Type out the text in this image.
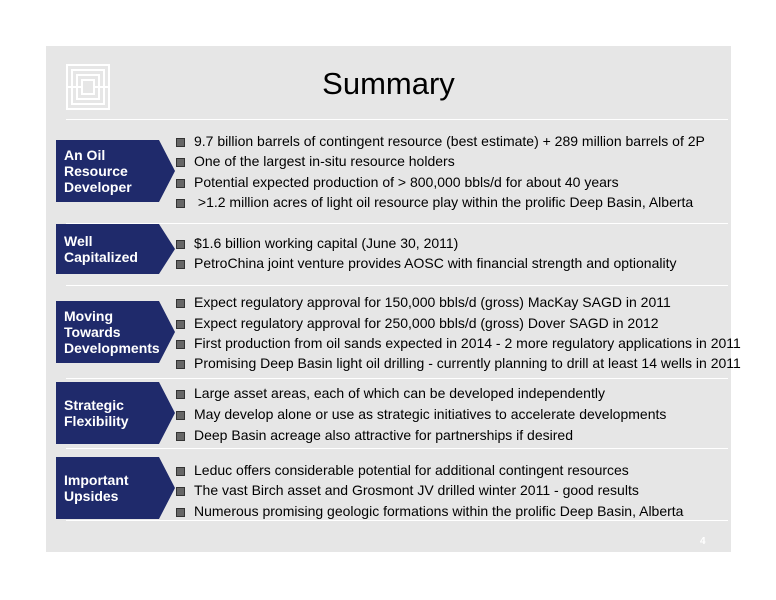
Summary
An Oil
Resource
Developer
9.7 billion barrels of contingent resource (best estimate) + 289 million barrels of 2P
One of the largest in-situ resource holders
Potential expected production of > 800,000 bbls/d for about 40 years
>1.2 million acres of light oil resource play within the prolific Deep Basin, Alberta
Well
Capitalized
$1.6 billion working capital (June 30, 2011)
PetroChina joint venture provides AOSC with financial strength and optionality
Moving
Towards
Developments
Expect regulatory approval for 150,000 bbls/d (gross) MacKay SAGD in 2011
Expect regulatory approval for 250,000 bbls/d (gross) Dover SAGD in 2012
First production from oil sands expected in 2014 - 2 more regulatory applications in 2011
Promising Deep Basin light oil drilling - currently planning to drill at least 14 wells in 2011
Strategic
Flexibility
Large asset areas, each of which can be developed independently
May develop alone or use as strategic initiatives to accelerate developments
Deep Basin acreage also attractive for partnerships if desired
Important
Upsides
Leduc offers considerable potential for additional contingent resources
The vast Birch asset and Grosmont JV drilled winter 2011 - good results
Numerous promising geologic formations within the prolific Deep Basin, Alberta
4
